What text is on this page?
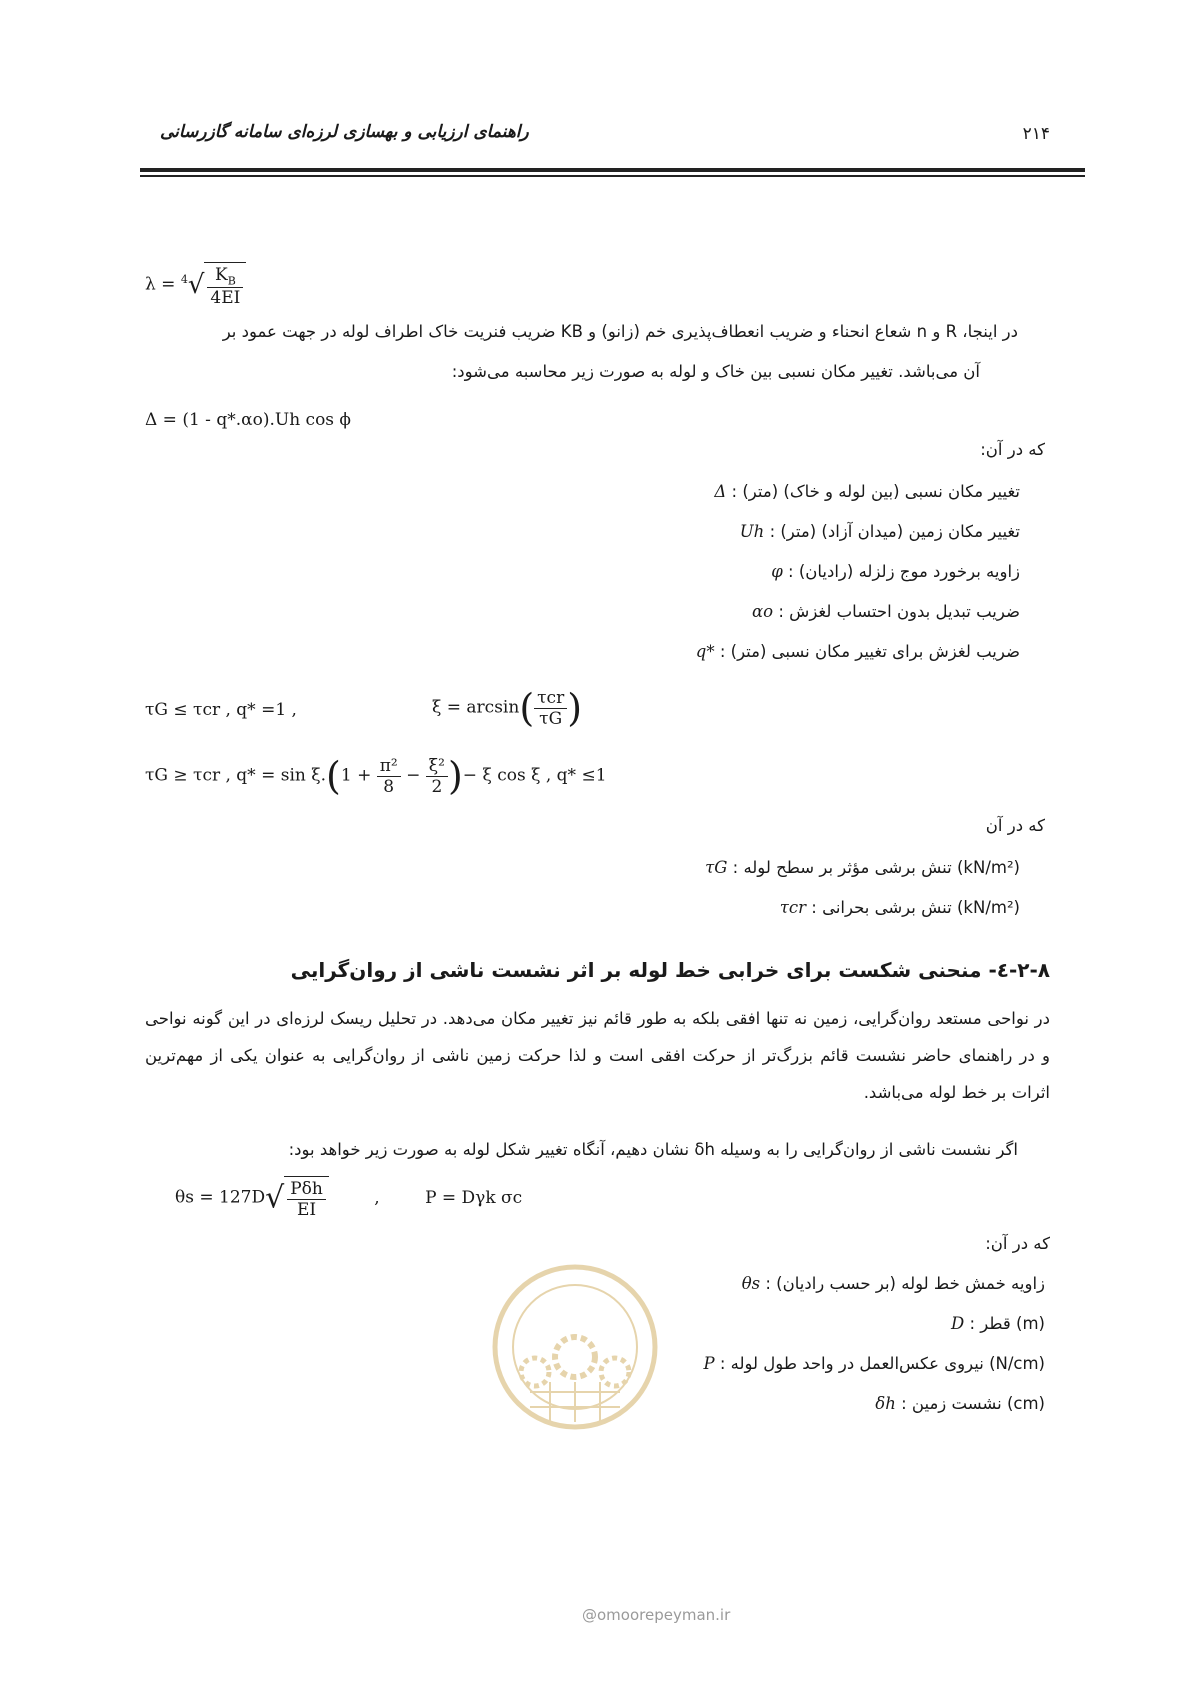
راهنمای ارزیابی و بهسازی لرزه‌ای سامانه گازرسانی	۲۱۴
$\lambda = ^4√ \frac{K_B}{4EI}$
در اینجا، R و n شعاع انحناء و ضریب انعطاف‌پذیری خم (زانو) و KB ضریب فنریت خاک اطراف لوله در جهت عمود بر
آن می‌باشد. تغییر مکان نسبی بین خاک و لوله به صورت زیر محاسبه می‌شود:
Δ = (1 - q*.αo).Uh cos ϕ
که در آن:
Δ : تغییر مکان نسبی (بین لوله و خاک) (متر)
Uh : تغییر مکان زمین (میدان آزاد) (متر)
φ : زاویه برخورد موج زلزله (رادیان)
αo : ضریب تبدیل بدون احتساب لغزش
q* : ضریب لغزش برای تغییر مکان نسبی (متر)
τG ≤ τcr , q* =1 ,	$\xi = \arcsin( \frac{\text{τcr}}{\tau G}$ )
τG ≥ τcr , $q* = \sin \xi.(1 + \frac{\text{π²}}{8} - \frac{\text{ξ²}}{2}$ )− ξ cos ξ , q* ≤1
که در آن
τG : تنش برشی مؤثر بر سطح لوله (kN/m²)
τcr : تنش برشی بحرانی (kN/m²)
۲-۸-٤- منحنی شکست برای خرابی خط لوله بر اثر نشست ناشی از روان‌گرایی
در نواحی مستعد روان‌گرایی، زمین نه تنها افقی بلکه به طور قائم نیز تغییر مکان می‌دهد. در تحلیل ریسک لرزه‌ای در این گونه نواحی و در راهنمای حاضر نشست قائم بزرگ‌تر از حرکت افقی است و لذا حرکت زمین ناشی از روان‌گرایی به عنوان یکی از مهم‌ترین اثرات بر خط لوله می‌باشد.
اگر نشست ناشی از روان‌گرایی را به وسیله δh نشان دهیم، آنگاه تغییر شکل لوله به صورت زیر خواهد بود:
$\theta s = 127D√ \frac{\text{Pδh}}{EI}$	,	P = Dγk σc
که در آن:
θs : زاویه خمش خط لوله (بر حسب رادیان)
D : قطر (m)
P : نیروی عکس‌العمل در واحد طول لوله (N/cm)
δh : نشست زمین (cm)
@omoorepeyman.ir
